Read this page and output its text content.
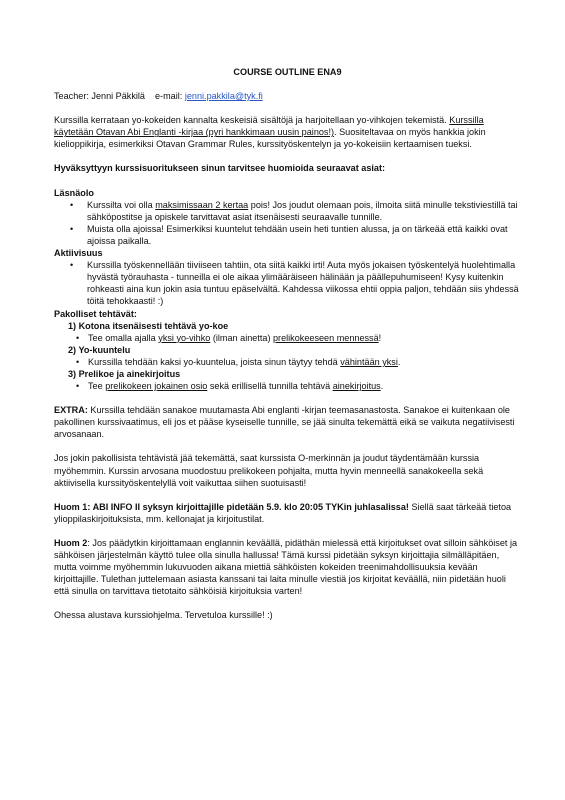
COURSE OUTLINE ENA9

Teacher: Jenni Päkkilä e-mail: jenni.pakkila@tyk.fi

Kurssilla kerrataan yo-kokeiden kannalta keskeisiä sisältöjä ja harjoitellaan yo-vihkojen tekemistä. Kurssilla käytetään Otavan Abi Englanti -kirjaa (pyri hankkimaan uusin painos!). Suositeltavaa on myös hankkia jokin kielioppikirja, esimerkiksi Otavan Grammar Rules, kurssityöskentelyn ja yo-kokeisiin kertaamisen tueksi.

Hyväksyttyyn kurssisuoritukseen sinun tarvitsee huomioida seuraavat asiat:

Läsnäolo

• Kurssilta voi olla maksimissaan 2 kertaa pois! Jos joudut olemaan pois, ilmoita siitä minulle tekstiviestillä tai sähköpostitse ja opiskele tarvittavat asiat itsenäisesti seuraavalle tunnille.
• Muista olla ajoissa! Esimerkiksi kuuntelut tehdään usein heti tuntien alussa, ja on tärkeää että kaikki ovat ajoissa paikalla.

Aktiivisuus

• Kurssilla työskennellään tiiviiseen tahtiin, ota siitä kaikki irti! Auta myös jokaisen työskentelyä huolehtimalla hyvästä työrauhasta - tunneilla ei ole aikaa ylimääräiseen hälinään ja päällepuhumiseen! Kysy kuitenkin rohkeasti aina kun jokin asia tuntuu epäselvältä. Kahdessa viikossa ehtii oppia paljon, tehdään siis yhdessä töitä tehokkaasti! :)

Pakolliset tehtävät:

1) Kotona itsenäisesti tehtävä yo-koe

• Tee omalla ajalla yksi yo-vihko (ilman ainetta) prelikokeeseen mennessä!

2) Yo-kuuntelu

• Kurssilla tehdään kaksi yo-kuuntelua, joista sinun täytyy tehdä vähintään yksi.

3) Prelikoe ja ainekirjoitus

• Tee prelikokeen jokainen osio sekä erillisellä tunnilla tehtävä ainekirjoitus.

EXTRA: Kurssilla tehdään sanakoe muutamasta Abi englanti -kirjan teemasanastosta. Sanakoe ei kuitenkaan ole pakollinen kurssivaatimus, eli jos et pääse kyseiselle tunnille, se jää sinulta tekemättä eikä se vaikuta negatiivisesti arvosanaan.

Jos jokin pakollisista tehtävistä jää tekemättä, saat kurssista O-merkinnän ja joudut täydentämään kurssia myöhemmin. Kurssin arvosana muodostuu prelikokeen pohjalta, mutta hyvin menneellä sanakokeella sekä aktiivisella kurssityöskentelyllä voit vaikuttaa siihen suotuisasti!

Huom 1: ABI INFO II syksyn kirjoittajille pidetään 5.9. klo 20:05 TYKin juhlasalissa! Siellä saat tärkeää tietoa ylioppilaskirjoituksista, mm. kellonajat ja kirjoitustilat.

Huom 2: Jos päädytkin kirjoittamaan englannin keväällä, pidäthän mielessä että kirjoitukset ovat silloin sähköiset ja sähköisen järjestelmän käyttö tulee olla sinulla hallussa! Tämä kurssi pidetään syksyn kirjoittajia silmälläpitäen, mutta voimme myöhemmin lukuvuoden aikana miettiä sähköisten kokeiden treenimahdollisuuksia kevään kirjoittajille. Tulethan juttelemaan asiasta kanssani tai laita minulle viestiä jos kirjoitat keväällä, niin pidetään huoli että sinulla on tarvittava tietotaito sähköisiä kirjoituksia varten!

Ohessa alustava kurssiohjelma. Tervetuloa kurssille! :)
